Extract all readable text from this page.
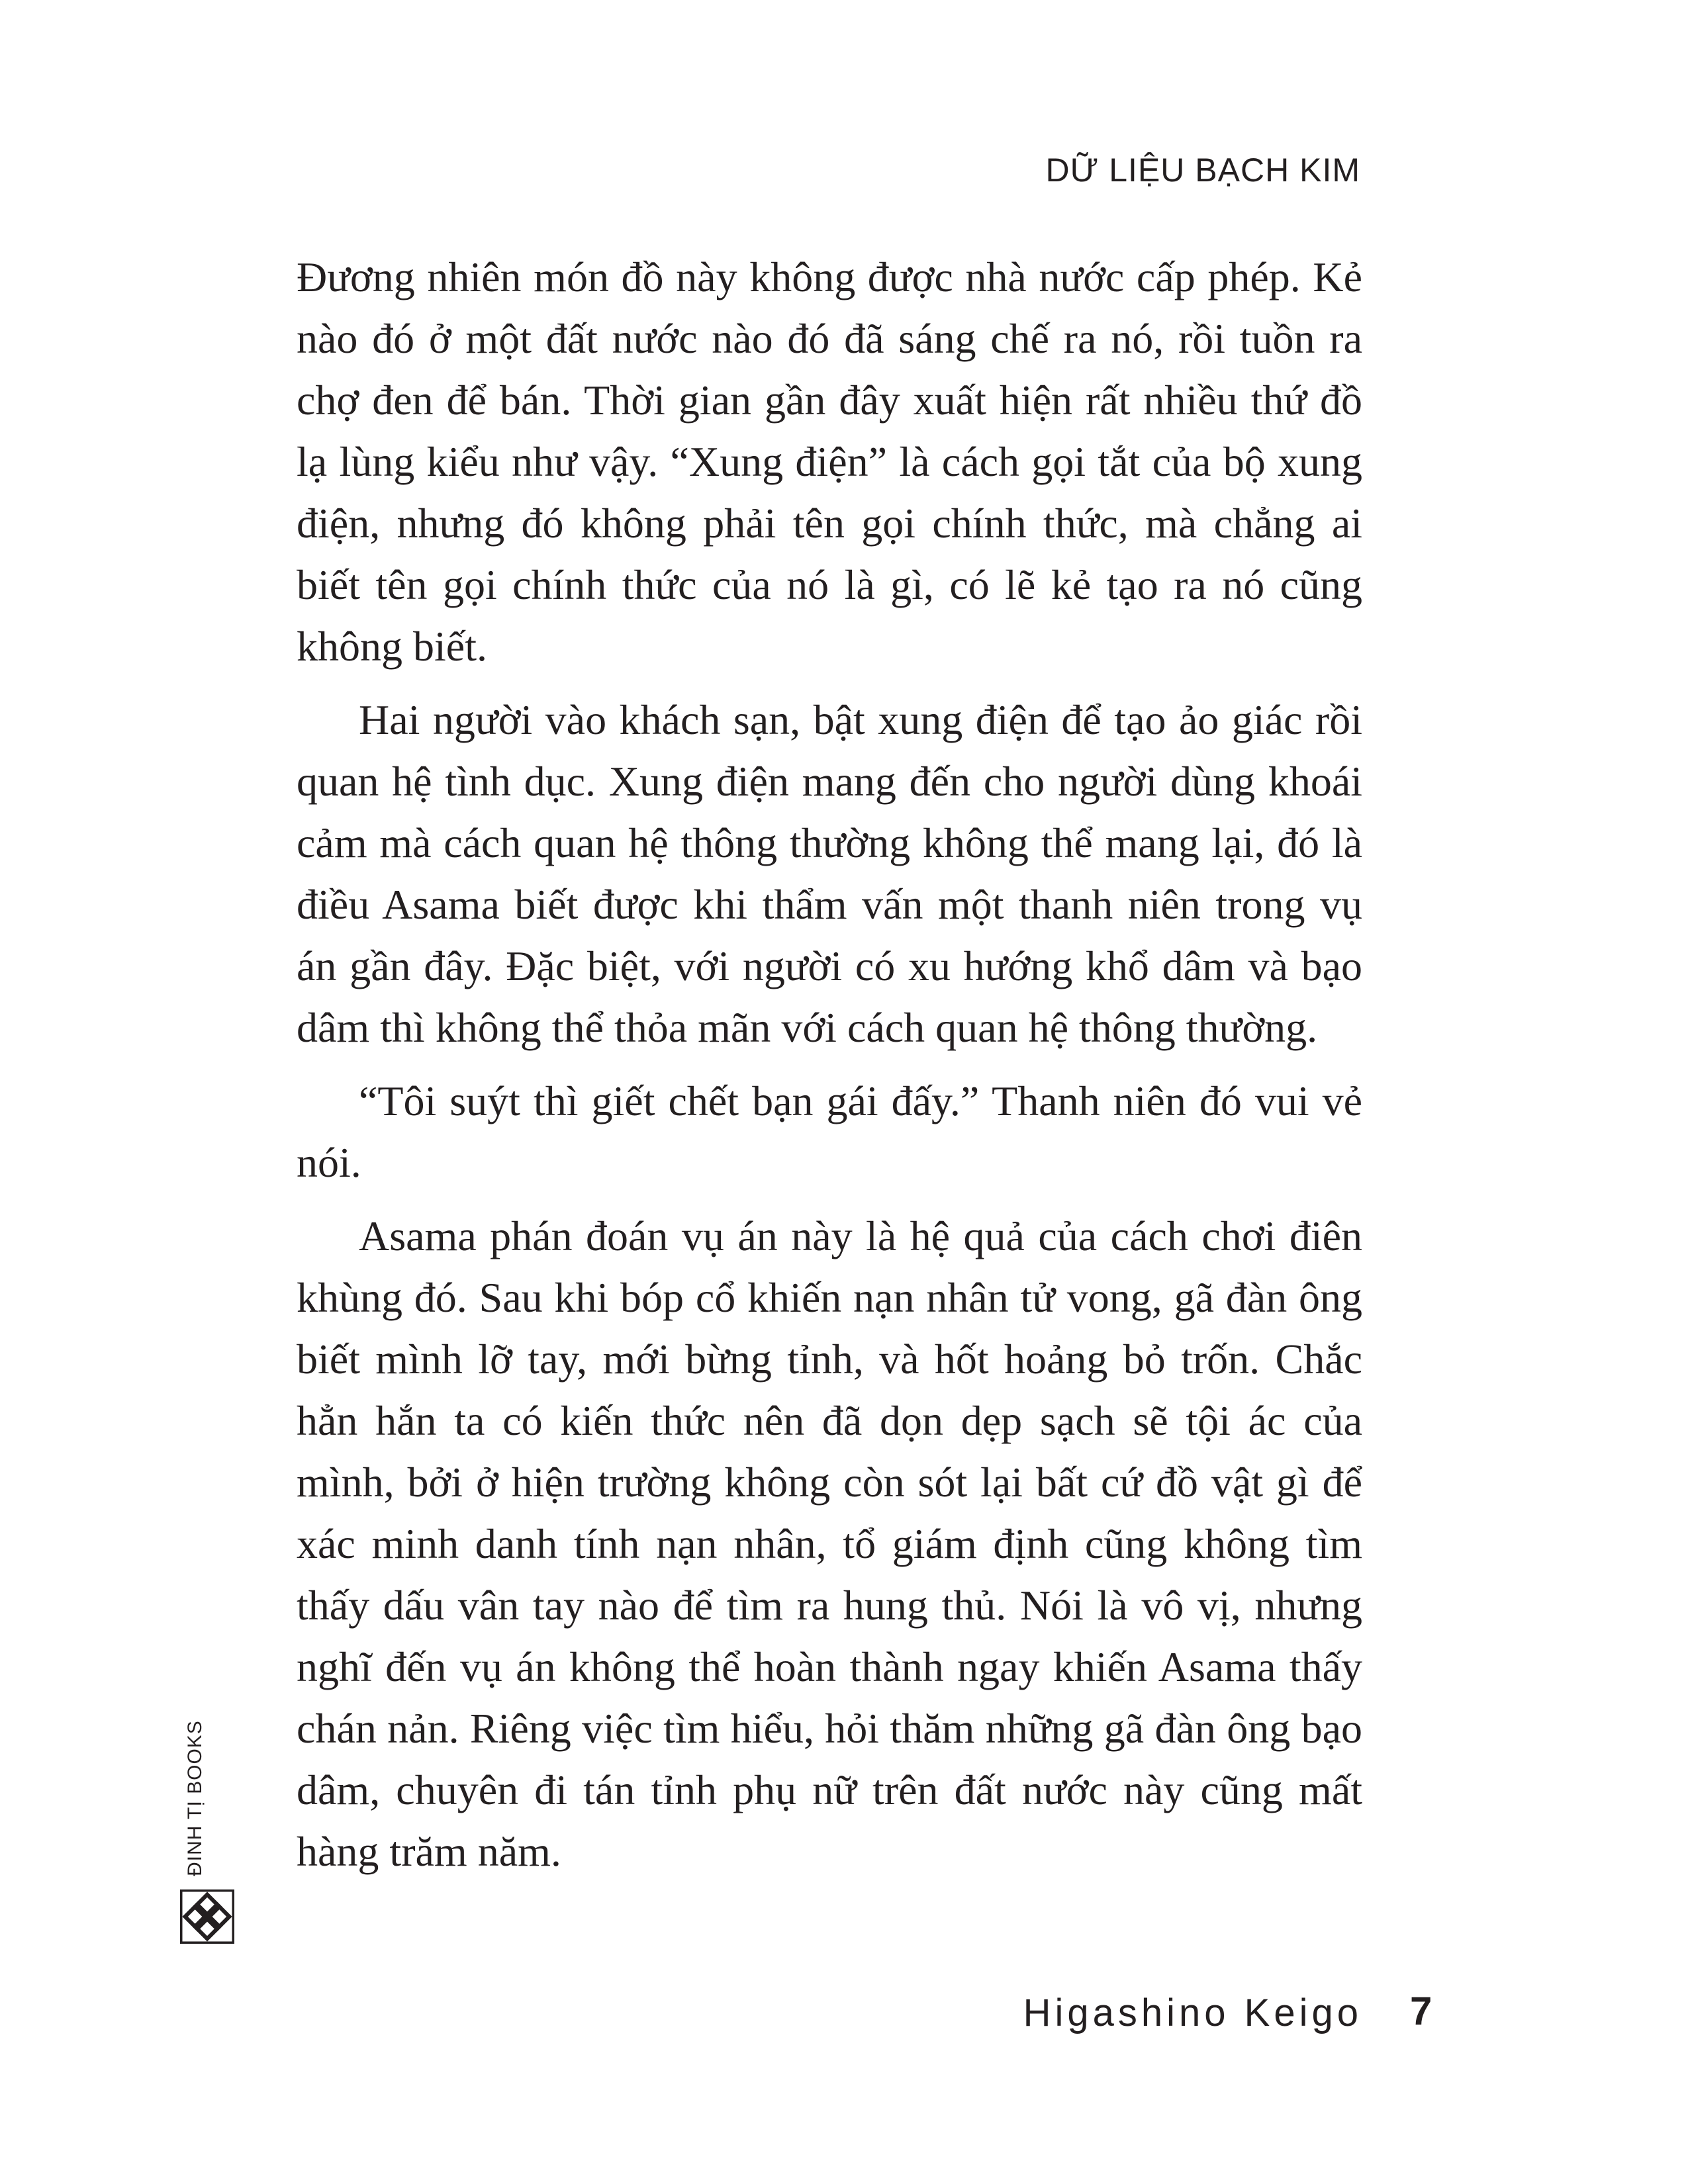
DỮ LIỆU BẠCH KIM

Đương nhiên món đồ này không được nhà nước cấp phép. Kẻ nào đó ở một đất nước nào đó đã sáng chế ra nó, rồi tuồn ra chợ đen để bán. Thời gian gần đây xuất hiện rất nhiều thứ đồ lạ lùng kiểu như vậy. “Xung điện” là cách gọi tắt của bộ xung điện, nhưng đó không phải tên gọi chính thức, mà chẳng ai biết tên gọi chính thức của nó là gì, có lẽ kẻ tạo ra nó cũng không biết.

Hai người vào khách sạn, bật xung điện để tạo ảo giác rồi quan hệ tình dục. Xung điện mang đến cho người dùng khoái cảm mà cách quan hệ thông thường không thể mang lại, đó là điều Asama biết được khi thẩm vấn một thanh niên trong vụ án gần đây. Đặc biệt, với người có xu hướng khổ dâm và bạo dâm thì không thể thỏa mãn với cách quan hệ thông thường.

“Tôi suýt thì giết chết bạn gái đấy.” Thanh niên đó vui vẻ nói.

Asama phán đoán vụ án này là hệ quả của cách chơi điên khùng đó. Sau khi bóp cổ khiến nạn nhân tử vong, gã đàn ông biết mình lỡ tay, mới bừng tỉnh, và hốt hoảng bỏ trốn. Chắc hẳn hắn ta có kiến thức nên đã dọn dẹp sạch sẽ tội ác của mình, bởi ở hiện trường không còn sót lại bất cứ đồ vật gì để xác minh danh tính nạn nhân, tổ giám định cũng không tìm thấy dấu vân tay nào để tìm ra hung thủ. Nói là vô vị, nhưng nghĩ đến vụ án không thể hoàn thành ngay khiến Asama thấy chán nản. Riêng việc tìm hiểu, hỏi thăm những gã đàn ông bạo dâm, chuyên đi tán tỉnh phụ nữ trên đất nước này cũng mất hàng trăm năm.

ĐINH TỊ BOOKS
Higashino Keigo 7
